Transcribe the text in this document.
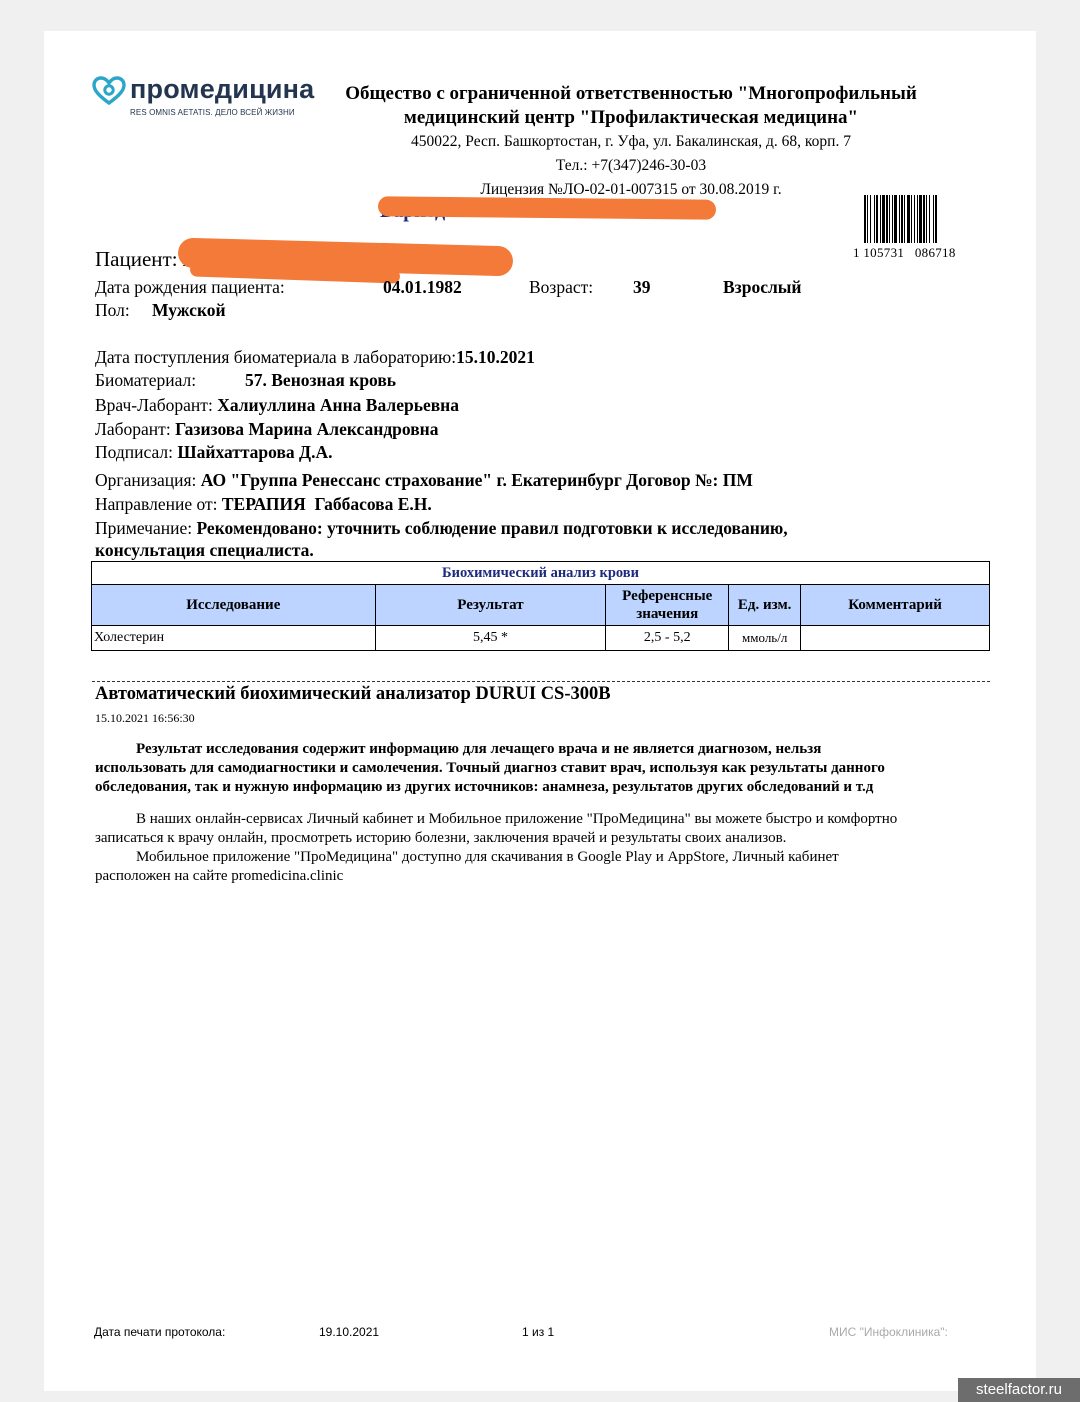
промедицина
RES OMNIS AETATIS. ДЕЛО ВСЕЙ ЖИЗНИ
Общество с ограниченной ответственностью "Многопрофильный
медицинский центр "Профилактическая медицина"
450022, Респ. Башкортостан, г. Уфа, ул. Бакалинская, д. 68, корп. 7
Тел.: +7(347)246-30-03
Лицензия №ЛО-02-01-007315 от 30.08.2019 г.
1 105731 086718
Пациент:
Дата рождения пациента:	04.01.1982	Возраст: 39	Взрослый
Пол: Мужской
Дата поступления биоматериала в лабораторию:15.10.2021
Биоматериал:	57. Венозная кровь
Врач-Лаборант: Халиуллина Анна Валерьевна
Лаборант: Газизова Марина Александровна
Подписал: Шайхаттарова Д.А.
Организация: АО "Группа Ренессанс страхование" г. Екатеринбург Договор №: ПМ
Направление от: ТЕРАПИЯ  Габбасова Е.Н.
Примечание: Рекомендовано: уточнить соблюдение правил подготовки к исследованию,
консультация специалиста.
Биохимический анализ крови				
Исследование	Результат	Референсные значения	Ед. изм.	Комментарий
Холестерин	5,45 *	2,5 - 5,2	ммоль/л	
Автоматический биохимический анализатор DURUI CS-300B
15.10.2021 16:56:30
Результат исследования содержит информацию для лечащего врача и не является диагнозом, нельзя
использовать для самодиагностики и самолечения. Точный диагноз ставит врач, используя как результаты данного
обследования, так и нужную информацию из других источников: анамнеза, результатов других обследований и т.д
В наших онлайн-сервисах Личный кабинет и Мобильное приложение "ПроМедицина" вы можете быстро и комфортно
записаться к врачу онлайн, просмотреть историю болезни, заключения врачей и результаты своих анализов.
Мобильное приложение "ПроМедицина" доступно для скачивания в Google Play и AppStore, Личный кабинет
расположен на сайте promedicina.clinic
Дата печати протокола:	19.10.2021	1 из 1	МИС "Инфоклиника":
steelfactor.ru
